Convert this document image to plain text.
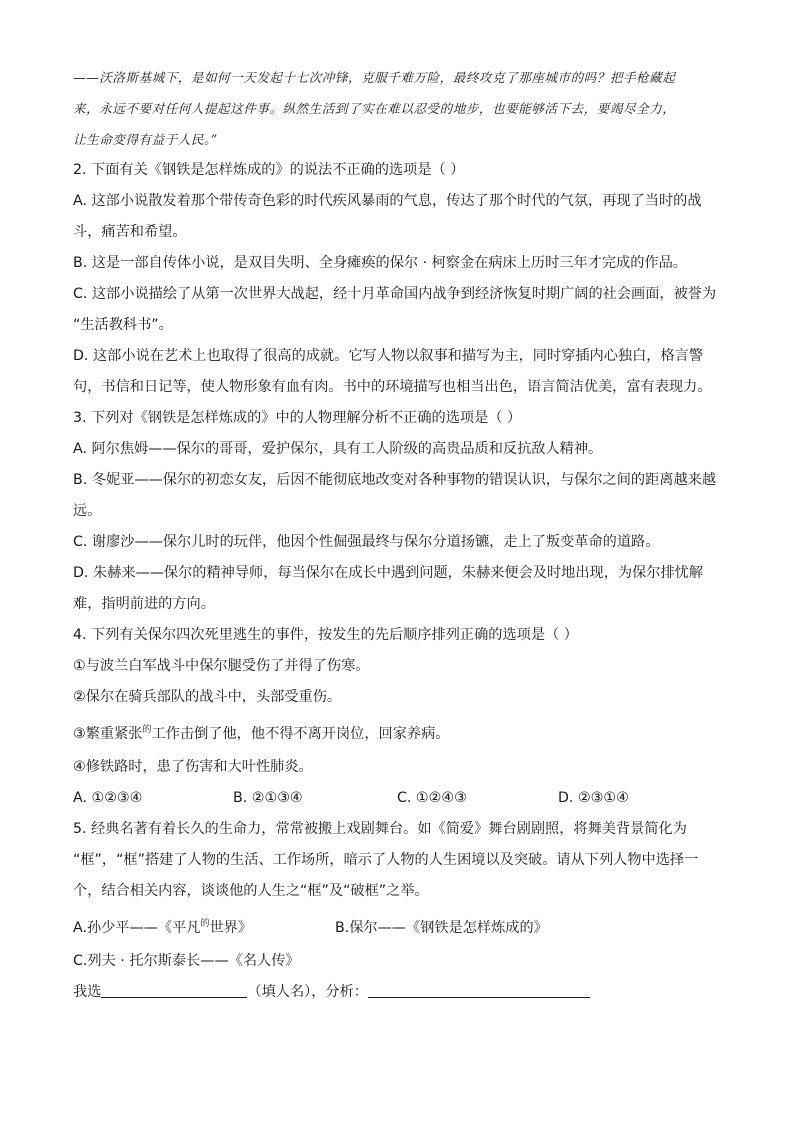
——沃洛斯基城下，是如何一天发起十七次冲锋，克服千难万险，最终攻克了那座城市的吗？把手枪藏起
来，永远不要对任何人提起这件事。纵然生活到了实在难以忍受的地步，也要能够活下去，要竭尽全力，
让生命变得有益于人民。”
2. 下面有关《钢铁是怎样炼成的》的说法不正确的选项是（ ）
A. 这部小说散发着那个带传奇色彩的时代疾风暴雨的气息，传达了那个时代的气氛，再现了当时的战
斗，痛苦和希望。
B. 这是一部自传体小说，是双目失明、全身瘫痪的保尔 · 柯察金在病床上历时三年才完成的作品。
C. 这部小说描绘了从第一次世界大战起，经十月革命国内战争到经济恢复时期广阔的社会画面，被誉为
“生活教科书”。
D. 这部小说在艺术上也取得了很高的成就。它写人物以叙事和描写为主，同时穿插内心独白，格言警
句，书信和日记等，使人物形象有血有肉。书中的环境描写也相当出色，语言简洁优美，富有表现力。
3. 下列对《钢铁是怎样炼成的》中的人物理解分析不正确的选项是（ ）
A. 阿尔焦姆——保尔的哥哥，爱护保尔，具有工人阶级的高贵品质和反抗敌人精神。
B. 冬妮亚——保尔的初恋女友，后因不能彻底地改变对各种事物的错误认识，与保尔之间的距离越来越
远。
C. 谢廖沙——保尔儿时的玩伴，他因个性倔强最终与保尔分道扬镳，走上了叛变革命的道路。
D. 朱赫来——保尔的精神导师，每当保尔在成长中遇到问题，朱赫来便会及时地出现，为保尔排忧解
难，指明前进的方向。
4. 下列有关保尔四次死里逃生的事件，按发生的先后顺序排列正确的选项是（ ）
①与波兰白军战斗中保尔腿受伤了并得了伤寒。
②保尔在骑兵部队的战斗中，头部受重伤。
③繁重紧张$^的$工作击倒了他，他不得不离开岗位，回家养病。
④修铁路时，患了伤害和大叶性肺炎。
A. ①②③④	B. ②①③④	C. ①②④③	D. ②③①④
5. 经典名著有着长久的生命力，常常被搬上戏剧舞台。如《简爱》舞台剧剧照，将舞美背景简化为
“框”，“框”搭建了人物的生活、工作场所，暗示了人物的人生困境以及突破。请从下列人物中选择一
个，结合相关内容，谈谈他的人生之“框”及“破框”之举。
A.孙少平——《平凡$^的$世界》	B.保尔——《钢铁是怎样炼成的》
C.列夫 · 托尔斯泰长——《名人传》
我选	（填人名），分析：
